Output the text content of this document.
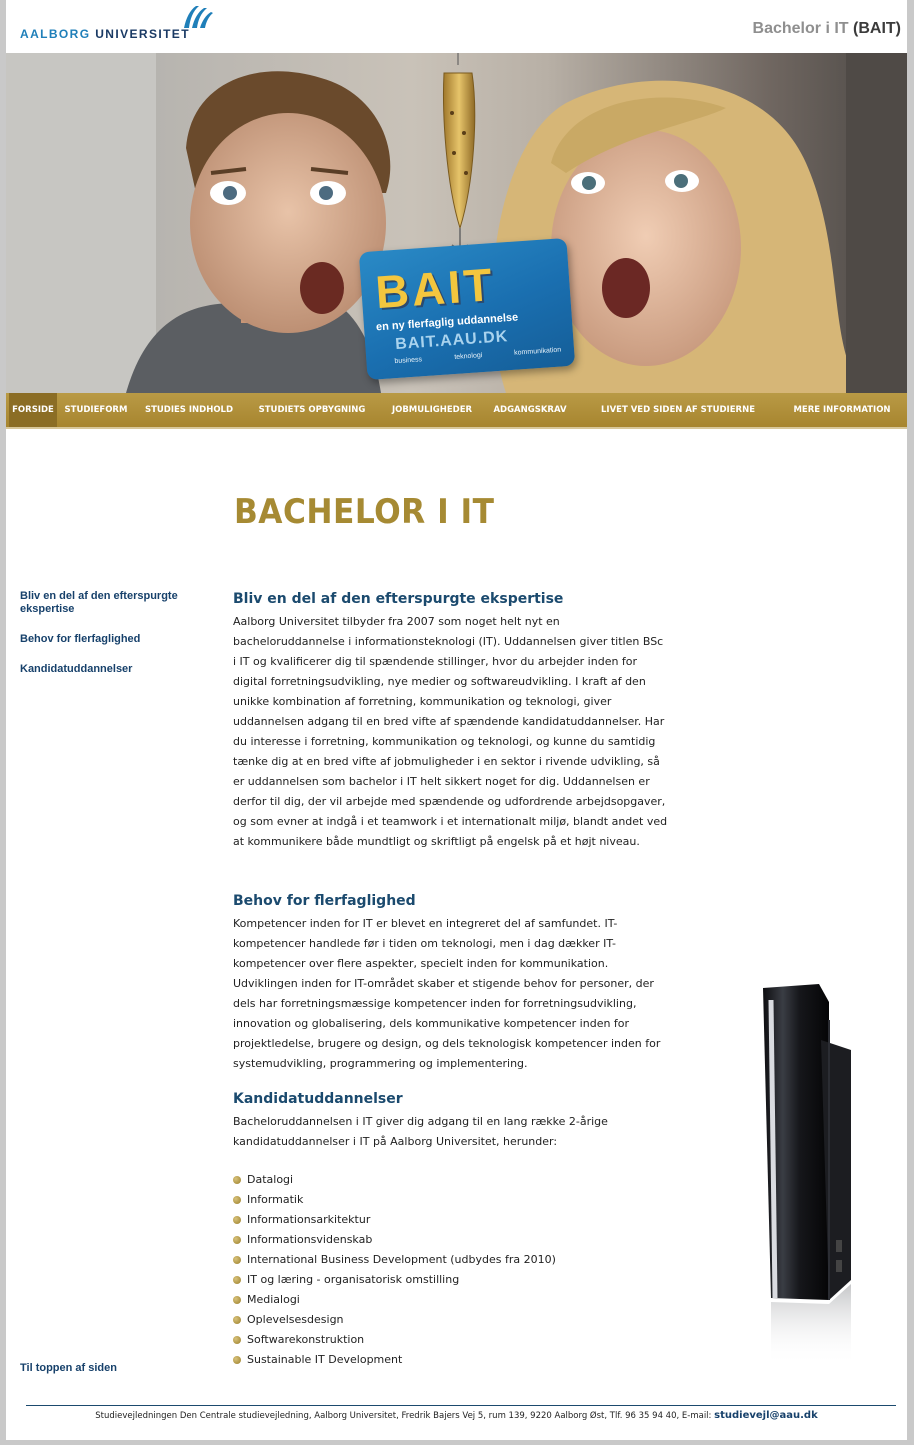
AALBORG UNIVERSITET	Bachelor i IT (BAIT)
BAIT
en ny flerfaglig uddannelse
BAIT.AAU.DK
business	teknologi	kommunikation
FORSIDE	STUDIEFORM	STUDIES INDHOLD	STUDIETS OPBYGNING	JOBMULIGHEDER	ADGANGSKRAV	LIVET VED SIDEN AF STUDIERNE	MERE INFORMATION
BACHELOR I IT
Bliv en del af den efterspurgte ekspertise
Behov for flerfaglighed
Kandidatuddannelser
Til toppen af siden
Bliv en del af den efterspurgte ekspertise

Aalborg Universitet tilbyder fra 2007 som noget helt nyt en bacheloruddannelse i informationsteknologi (IT). Uddannelsen giver titlen BSc i IT og kvalificerer dig til spændende stillinger, hvor du arbejder inden for digital forretningsudvikling, nye medier og softwareudvikling. I kraft af den unikke kombination af forretning, kommunikation og teknologi, giver uddannelsen adgang til en bred vifte af spændende kandidatuddannelser. Har du interesse i forretning, kommunikation og teknologi, og kunne du samtidig tænke dig at en bred vifte af jobmuligheder i en sektor i rivende udvikling, så er uddannelsen som bachelor i IT helt sikkert noget for dig. Uddannelsen er derfor til dig, der vil arbejde med spændende og udfordrende arbejdsopgaver, og som evner at indgå i et teamwork i et internationalt miljø, blandt andet ved at kommunikere både mundtligt og skriftligt på engelsk på et højt niveau.

Behov for flerfaglighed

Kompetencer inden for IT er blevet en integreret del af samfundet. IT-kompetencer handlede før i tiden om teknologi, men i dag dækker IT-kompetencer over flere aspekter, specielt inden for kommunikation. Udviklingen inden for IT-området skaber et stigende behov for personer, der dels har forretningsmæssige kompetencer inden for forretningsudvikling, innovation og globalisering, dels kommunikative kompetencer inden for projektledelse, brugere og design, og dels teknologisk kompetencer inden for systemudvikling, programmering og implementering.

Kandidatuddannelser

Bacheloruddannelsen i IT giver dig adgang til en lang række 2-årige kandidatuddannelser i IT på Aalborg Universitet, herunder:

Datalogi
Informatik
Informationsarkitektur
Informationsvidenskab
International Business Development (udbydes fra 2010)
IT og læring - organisatorisk omstilling
Medialogi
Oplevelsesdesign
Softwarekonstruktion
Sustainable IT Development
Studievejledningen Den Centrale studievejledning, Aalborg Universitet, Fredrik Bajers Vej 5, rum 139, 9220 Aalborg Øst, Tlf. 96 35 94 40, E-mail: studievejl@aau.dk
